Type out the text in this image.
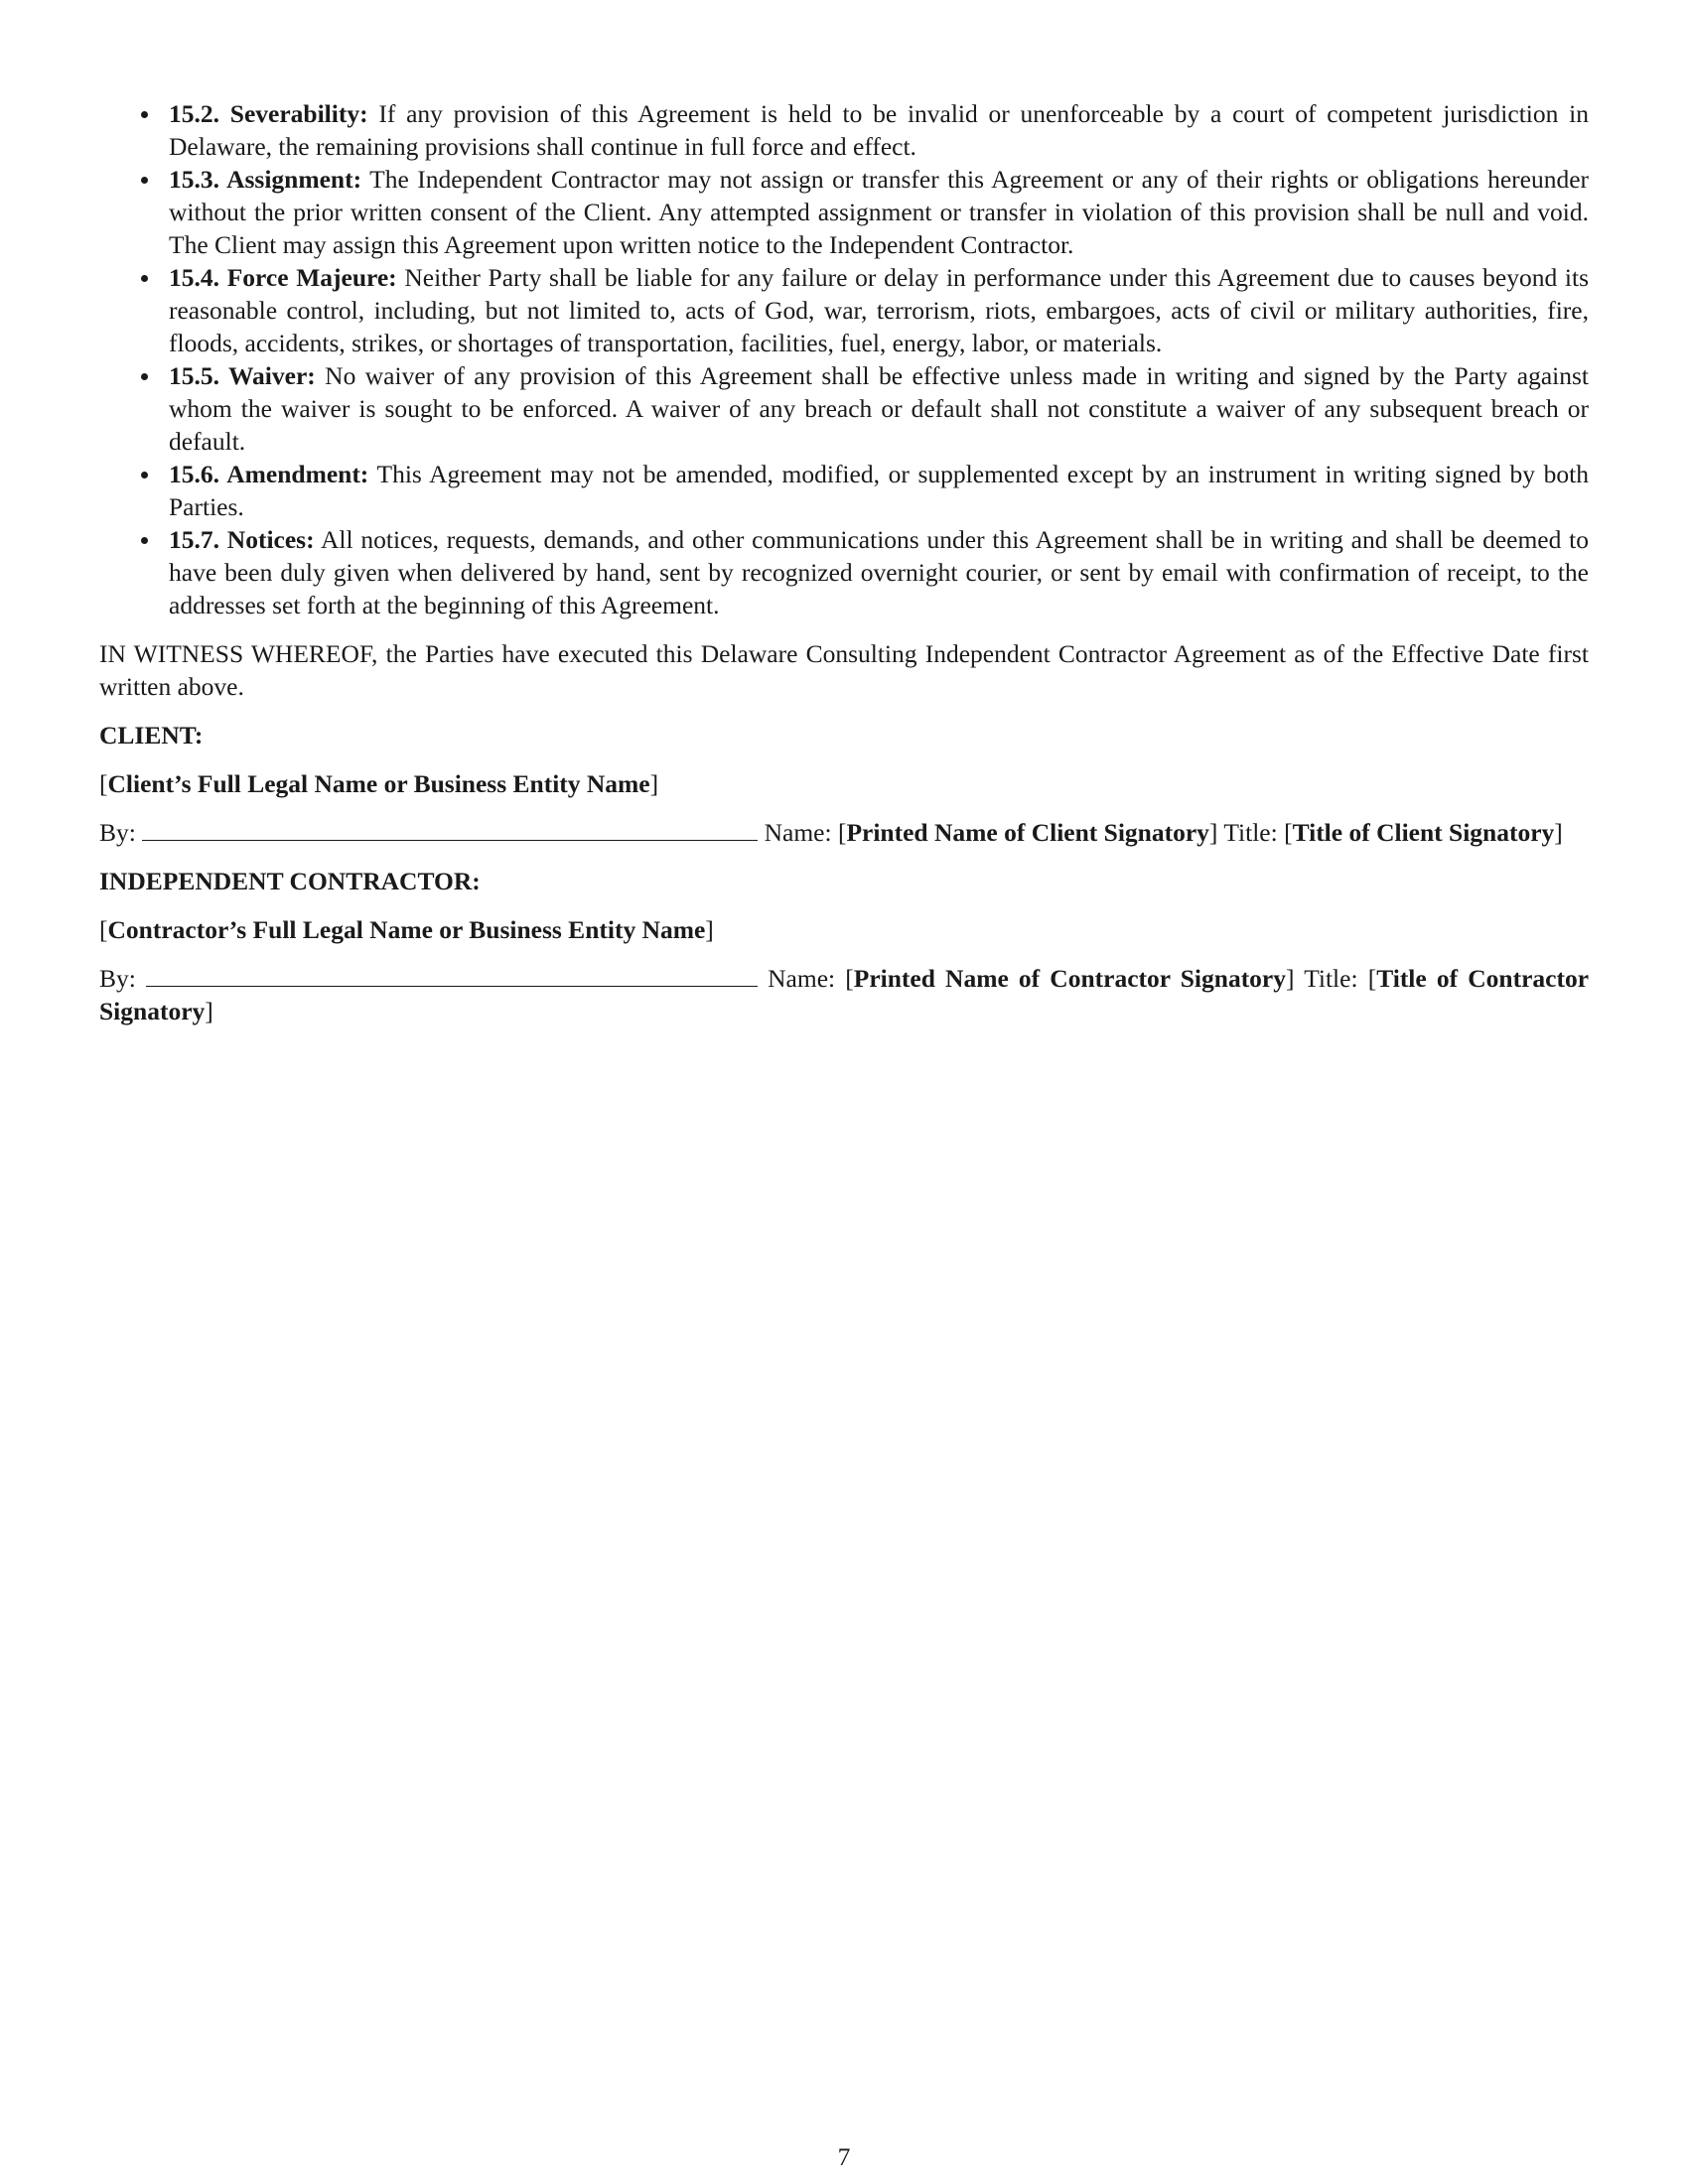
15.2. Severability: If any provision of this Agreement is held to be invalid or unenforceable by a court of competent jurisdiction in Delaware, the remaining provisions shall continue in full force and effect.
15.3. Assignment: The Independent Contractor may not assign or transfer this Agreement or any of their rights or obligations hereunder without the prior written consent of the Client. Any attempted assignment or transfer in violation of this provision shall be null and void. The Client may assign this Agreement upon written notice to the Independent Contractor.
15.4. Force Majeure: Neither Party shall be liable for any failure or delay in performance under this Agreement due to causes beyond its reasonable control, including, but not limited to, acts of God, war, terrorism, riots, embargoes, acts of civil or military authorities, fire, floods, accidents, strikes, or shortages of transportation, facilities, fuel, energy, labor, or materials.
15.5. Waiver: No waiver of any provision of this Agreement shall be effective unless made in writing and signed by the Party against whom the waiver is sought to be enforced. A waiver of any breach or default shall not constitute a waiver of any subsequent breach or default.
15.6. Amendment: This Agreement may not be amended, modified, or supplemented except by an instrument in writing signed by both Parties.
15.7. Notices: All notices, requests, demands, and other communications under this Agreement shall be in writing and shall be deemed to have been duly given when delivered by hand, sent by recognized overnight courier, or sent by email with confirmation of receipt, to the addresses set forth at the beginning of this Agreement.

IN WITNESS WHEREOF, the Parties have executed this Delaware Consulting Independent Contractor Agreement as of the Effective Date first written above.

CLIENT:

[Client’s Full Legal Name or Business Entity Name]

By:	Name: [Printed Name of Client Signatory] Title: [Title of Client Signatory]

INDEPENDENT CONTRACTOR:

[Contractor’s Full Legal Name or Business Entity Name]

By:	Name: [Printed Name of Contractor Signatory] Title: [Title of Contractor Signatory]

7
